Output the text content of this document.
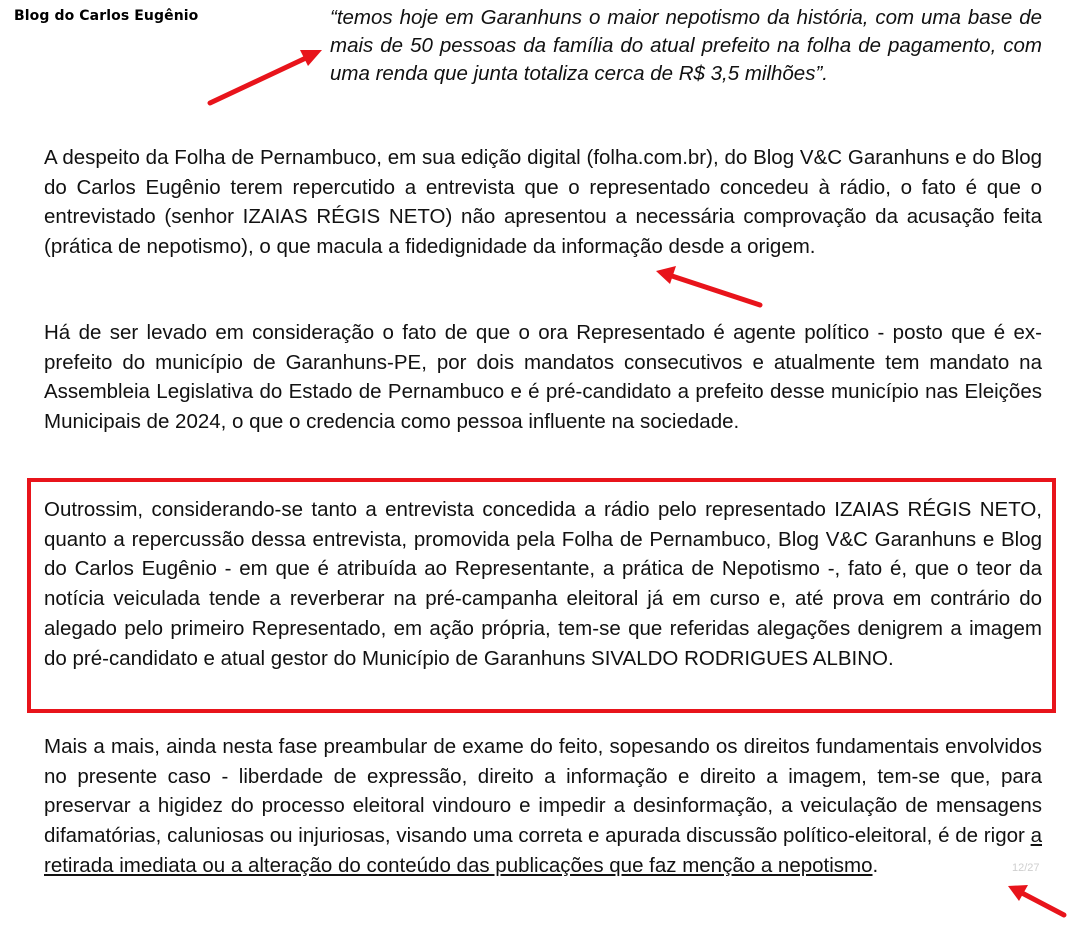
Blog do Carlos Eugênio	“temos hoje em Garanhuns o maior nepotismo da história, com uma base de mais de 50 pessoas da família do atual prefeito na folha de pagamento, com uma renda que junta totaliza cerca de R$ 3,5 milhões”.

A despeito da Folha de Pernambuco, em sua edição digital (folha.com.br), do Blog V&C Garanhuns e do Blog do Carlos Eugênio terem repercutido a entrevista que o representado concedeu à rádio, o fato é que o entrevistado (senhor IZAIAS RÉGIS NETO) não apresentou a necessária comprovação da acusação feita (prática de nepotismo), o que macula a fidedignidade da informação desde a origem.

Há de ser levado em consideração o fato de que o ora Representado é agente político - posto que é ex-prefeito do município de Garanhuns-PE, por dois mandatos consecutivos e atualmente tem mandato na Assembleia Legislativa do Estado de Pernambuco e é pré-candidato a prefeito desse município nas Eleições Municipais de 2024, o que o credencia como pessoa influente na sociedade.

Outrossim, considerando-se tanto a entrevista concedida a rádio pelo representado IZAIAS RÉGIS NETO, quanto a repercussão dessa entrevista, promovida pela Folha de Pernambuco, Blog V&C Garanhuns e Blog do Carlos Eugênio - em que é atribuída ao Representante, a prática de Nepotismo -, fato é, que o teor da notícia veiculada tende a reverberar na pré-campanha eleitoral já em curso e, até prova em contrário do alegado pelo primeiro Representado, em ação própria, tem-se que referidas alegações denigrem a imagem do pré-candidato e atual gestor do Município de Garanhuns SIVALDO RODRIGUES ALBINO.

Mais a mais, ainda nesta fase preambular de exame do feito, sopesando os direitos fundamentais envolvidos no presente caso - liberdade de expressão, direito a informação e direito a imagem, tem-se que, para preservar a higidez do processo eleitoral vindouro e impedir a desinformação, a veiculação de mensagens difamatórias, caluniosas ou injuriosas, visando uma correta e apurada discussão político-eleitoral, é de rigor a retirada imediata ou a alteração do conteúdo das publicações que faz menção a nepotismo.	12/27
